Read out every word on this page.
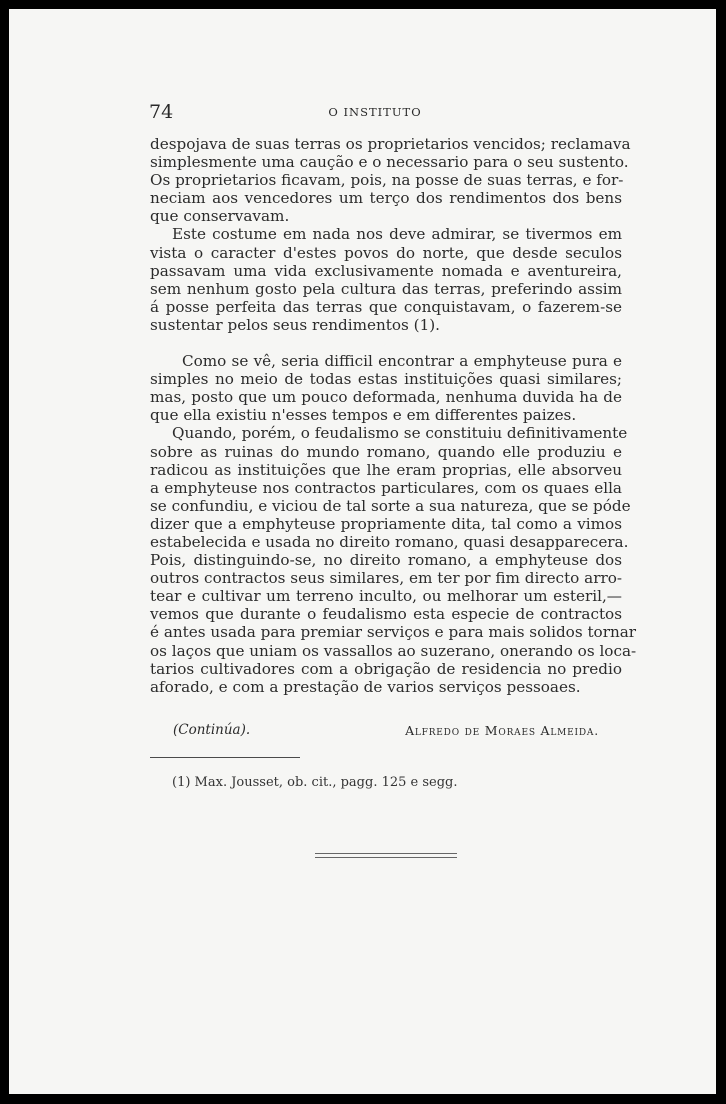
74	O INSTITUTO
despojava de suas terras os proprietarios vencidos; reclamava
simplesmente uma caução e o necessario para o seu sustento.
Os proprietarios ficavam, pois, na posse de suas terras, e for-
neciam aos vencedores um terço dos rendimentos dos bens
que conservavam.
Este costume em nada nos deve admirar, se tivermos em
vista o caracter d'estes povos do norte, que desde seculos
passavam uma vida exclusivamente nomada e aventureira,
sem nenhum gosto pela cultura das terras, preferindo assim
á posse perfeita das terras que conquistavam, o fazerem-se
sustentar pelos seus rendimentos (1).
Como se vê, seria difficil encontrar a emphyteuse pura e
simples no meio de todas estas instituições quasi similares;
mas, posto que um pouco deformada, nenhuma duvida ha de
que ella existiu n'esses tempos e em differentes paizes.
Quando, porém, o feudalismo se constituiu definitivamente
sobre as ruinas do mundo romano, quando elle produziu e
radicou as instituições que lhe eram proprias, elle absorveu
a emphyteuse nos contractos particulares, com os quaes ella
se confundiu, e viciou de tal sorte a sua natureza, que se póde
dizer que a emphyteuse propriamente dita, tal como a vimos
estabelecida e usada no direito romano, quasi desapparecera.
Pois, distinguindo-se, no direito romano, a emphyteuse dos
outros contractos seus similares, em ter por fim directo arro-
tear e cultivar um terreno inculto, ou melhorar um esteril,—
vemos que durante o feudalismo esta especie de contractos
é antes usada para premiar serviços e para mais solidos tornar
os laços que uniam os vassallos ao suzerano, onerando os loca-
tarios cultivadores com a obrigação de residencia no predio
aforado, e com a prestação de varios serviços pessoaes.
(Continúa).	Alfredo de Moraes Almeida.
(1) Max. Jousset, ob. cit., pagg. 125 e segg.
